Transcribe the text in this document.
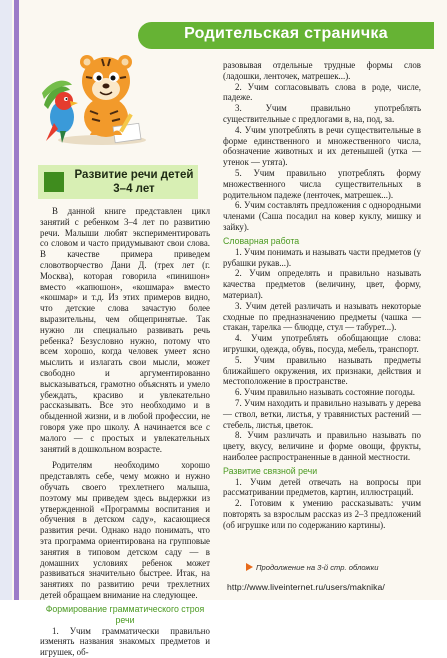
Родительская страничка
Развитие речи детей 3–4 лет

В данной книге представлен цикл занятий с ребенком 3–4 лет по развитию речи. Малыши любят экспериментировать со словом и часто придумывают свои слова. В качестве примера приведем словотворчество Дани Д. (трех лет (г. Москва), которая говорила «пинишон» вместо «капюшон», «кошмара» вместо «кошмар» и т.д. Из этих примеров видно, что детские слова зачастую более выразительны, чем общепринятые. Так нужно ли специально развивать речь ребенка? Безусловно нужно, потому что всем хорошо, когда человек умеет ясно мыслить и излагать свои мысли, может свободно и аргументированно высказываться, грамотно объяснять и умело убеждать, красиво и увлекательно рассказывать. Все это необходимо и в обыденной жизни, и в любой профессии, не говоря уже про школу. А начинается все с малого — с простых и увлекательных занятий в дошкольном возрасте.

Родителям необходимо хорошо представлять себе, чему можно и нужно обучать своего трехлетнего малыша, поэтому мы приведем здесь выдержки из утвержденной «Программы воспитания и обучения в детском саду», касающиеся развития речи. Однако надо понимать, что эта программа ориентирована на групповые занятия в типовом детском саду — в домашних условиях ребенок может развиваться значительно быстрее. Итак, на занятиях по развитию речи трехлетних детей обращаем внимание на следующее.

Формирование грамматического строя речи

1. Учим грамматически правильно изменять названия знакомых предметов и игрушек, об-

разовывая отдельные трудные формы слов (ладошки, ленточек, матрешек...).

2. Учим согласовывать слова в роде, числе, падеже.

3. Учим правильно употреблять существительные с предлогами в, на, под, за.

4. Учим употреблять в речи существительные в форме единственного и множественного числа, обозначение животных и их детенышей (утка — утенок — утята).

5. Учим правильно употреблять форму множественного числа существительных в родительном падеже (ленточек, матрешек...).

6. Учим составлять предложения с однородными членами (Саша посадил на ковер куклу, мишку и зайку).

Словарная работа

1. Учим понимать и называть части предметов (у рубашки рукав...).

2. Учим определять и правильно называть качества предметов (величину, цвет, форму, материал).

3. Учим детей различать и называть некоторые сходные по предназначению предметы (чашка — стакан, тарелка — блюдце, стул — табурет...).

4. Учим употреблять обобщающие слова: игрушки, одежда, обувь, посуда, мебель, транспорт.

5. Учим правильно называть предметы ближайшего окружения, их признаки, действия и местоположение в пространстве.

6. Учим правильно называть состояние погоды.

7. Учим находить и правильно называть у дерева — ствол, ветки, листья, у травянистых растений — стебель, листья, цветок.

8. Учим различать и правильно называть по цвету, вкусу, величине и форме овощи, фрукты, наиболее распространенные в данной местности.

Развитие связной речи

1. Учим детей отвечать на вопросы при рассматривании предметов, картин, иллюстраций.

2. Готовим к умению рассказывать: учим повторять за взрослым рассказ из 2–3 предложений (об игрушке или по содержанию картины).

Продолжение на 3-й стр. обложки
http://www.liveinternet.ru/users/maknika/
